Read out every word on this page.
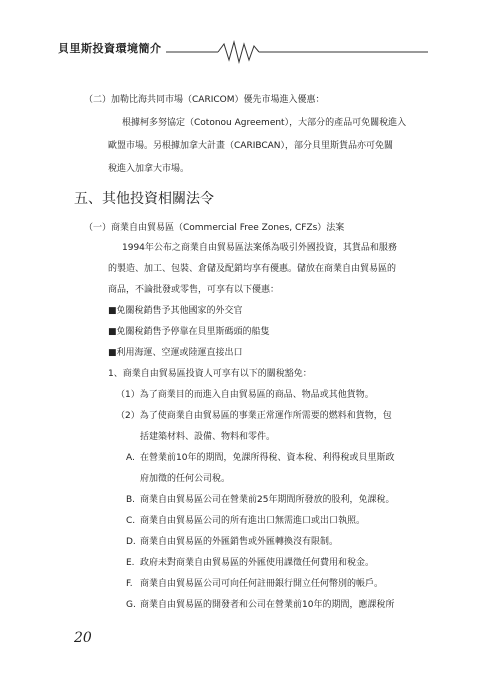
貝里斯投資環境簡介
（二）加勒比海共同市場（CARICOM）優先市場進入優惠：
根據柯多努協定（Cotonou Agreement），大部分的產品可免關稅進入
歐盟市場。另根據加拿大計畫（CARIBCAN），部分貝里斯貨品亦可免關
稅進入加拿大市場。
五、其他投資相關法令
（一）商業自由貿易區（Commercial Free Zones, CFZs）法案
1994年公布之商業自由貿易區法案係為吸引外國投資，其貨品和服務
的製造、加工、包裝、倉儲及配銷均享有優惠。儲放在商業自由貿易區的
商品，不論批發或零售，可享有以下優惠：
■免關稅銷售予其他國家的外交官
■免關稅銷售予停靠在貝里斯碼頭的船隻
■利用海運、空運或陸運直接出口
1、商業自由貿易區投資人可享有以下的關稅豁免：
（1）為了商業目的而進入自由貿易區的商品、物品或其他貨物。
（2）為了使商業自由貿易區的事業正常運作所需要的燃料和貨物，包
括建築材料、設備、物料和零件。
A. 在營業前10年的期間，免課所得稅、資本稅、利得稅或貝里斯政
府加徵的任何公司稅。
B. 商業自由貿易區公司在營業前25年期間所發放的股利，免課稅。
C. 商業自由貿易區公司的所有進出口無需進口或出口執照。
D. 商業自由貿易區的外匯銷售或外匯轉換沒有限制。
E. 政府未對商業自由貿易區的外匯使用課徵任何費用和稅金。
F. 商業自由貿易區公司可向任何註冊銀行開立任何幣別的帳戶。
G. 商業自由貿易區的開發者和公司在營業前10年的期間，應課稅所
20
